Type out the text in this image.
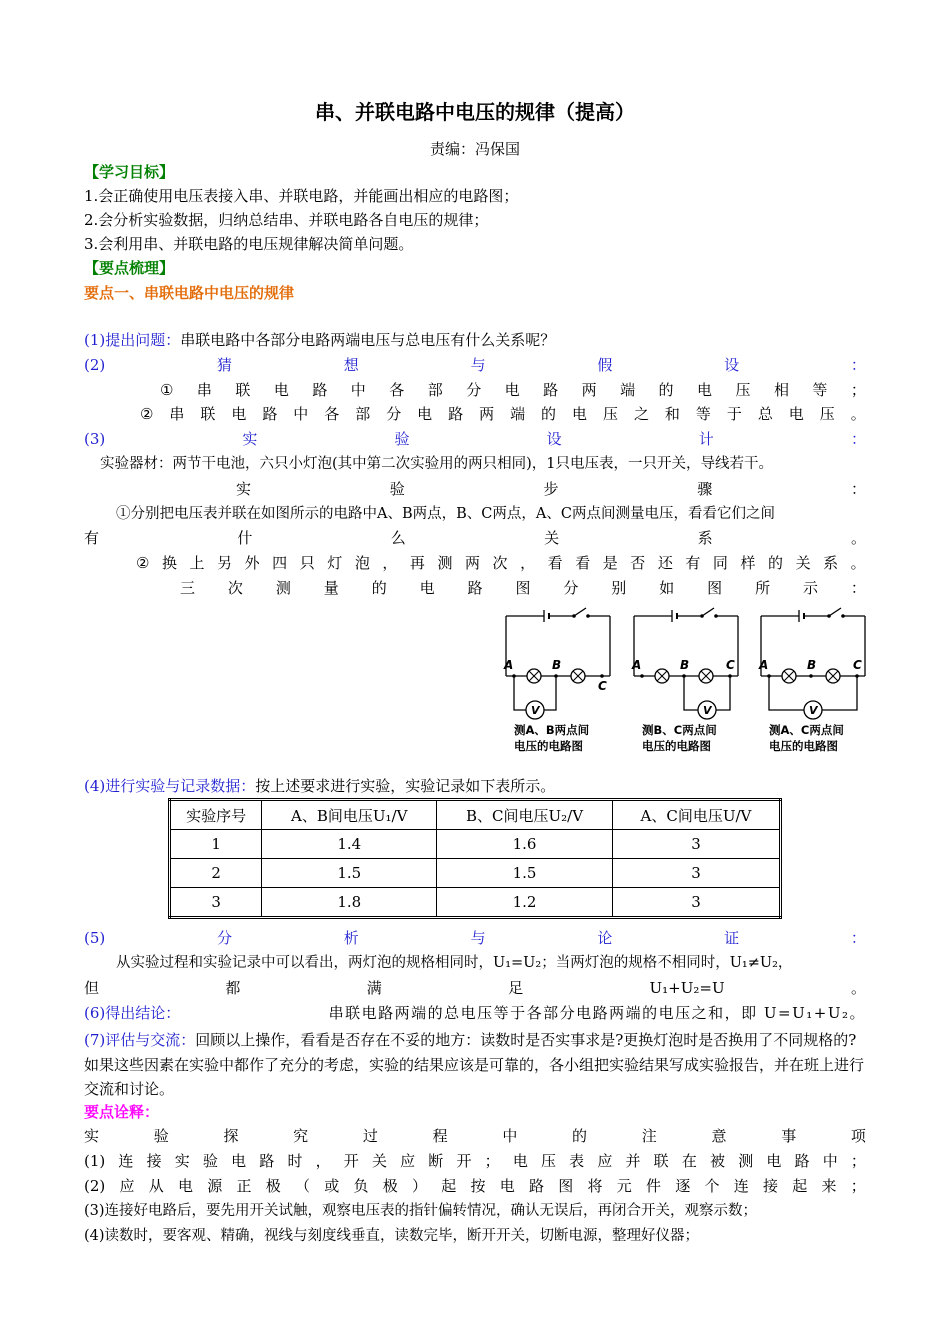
串、并联电路中电压的规律（提高）
责编：冯保国
【学习目标】
1.会正确使用电压表接入串、并联电路，并能画出相应的电路图；
2.会分析实验数据，归纳总结串、并联电路各自电压的规律；
3.会利用串、并联电路的电压规律解决简单问题。
【要点梳理】
要点一、串联电路中电压的规律
(1)提出问题：串联电路中各部分电路两端电压与总电压有什么关系呢？
(2)	猜	想	与	假	设	：
① 串 联 电 路 中 各 部 分 电 路 两 端 的 电 压 相 等 ；
② 串 联 电 路 中 各 部 分 电 路 两 端 的 电 压 之 和 等 于 总 电 压 。
(3)	实	验	设	计	：
实验器材：两节干电池，六只小灯泡(其中第二次实验用的两只相同)，1只电压表，一只开关，导线若干。
实	验	步	骤	：
①分别把电压表并联在如图所示的电路中A、B两点，B、C两点，A、C两点间测量电压，看看它们之间
有	什	么	关	系	。
② 换 上 另 外 四 只 灯 泡 ， 再 测 两 次 ， 看 看 是 否 还 有 同 样 的 关 系 。
三 次 测 量 的 电 路 图 分 别 如 图 所 示 ：
A	B
C
V
测A、B两点间
电压的电路图
A	B	C
V
测B、C两点间
电压的电路图
A	B	C
V
测A、C两点间
电压的电路图
(4)进行实验与记录数据：按上述要求进行实验，实验记录如下表所示。
实验序号	A、B间电压U₁/V	B、C间电压U₂/V	A、C间电压U/V
1	1.4	1.6	3
2	1.5	1.5	3
3	1.8	1.2	3
(5)	分	析	与	论	证	：
从实验过程和实验记录中可以看出，两灯泡的规格相同时，U₁=U₂；当两灯泡的规格不相同时，U₁≠U₂，
但	都	满	足	U₁+U₂=U	。
(6)得出结论：	串联电路两端的总电压等于各部分电路两端的电压之和，即 U=U₁+U₂。
(7)评估与交流：回顾以上操作，看看是否存在不妥的地方：读数时是否实事求是?更换灯泡时是否换用了不同规格的?如果这些因素在实验中都作了充分的考虑，实验的结果应该是可靠的，各小组把实验结果写成实验报告，并在班上进行交流和讨论。
要点诠释：
实	验	探	究	过	程	中	的	注	意	事	项
(1) 连 接 实 验 电 路 时 ， 开 关 应 断 开 ； 电 压 表 应 并 联 在 被 测 电 路 中 ；
(2) 应 从 电 源 正 极 （ 或 负 极 ） 起 按 电 路 图 将 元 件 逐 个 连 接 起 来 ；
(3)连接好电路后，要先用开关试触，观察电压表的指针偏转情况，确认无误后，再闭合开关，观察示数；
(4)读数时，要客观、精确，视线与刻度线垂直，读数完毕，断开开关，切断电源，整理好仪器；
